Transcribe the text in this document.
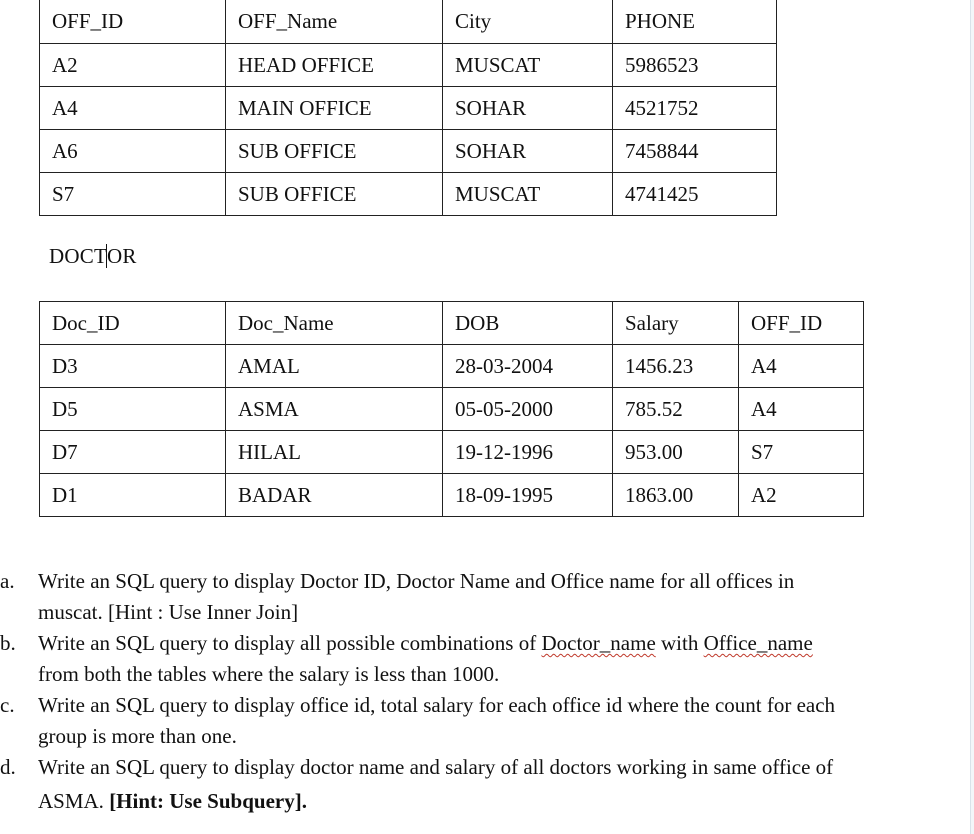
OFF_ID	OFF_Name	City	PHONE
A2	HEAD OFFICE	MUSCAT	5986523
A4	MAIN OFFICE	SOHAR	4521752
A6	SUB OFFICE	SOHAR	7458844
S7	SUB OFFICE	MUSCAT	4741425
DOCTOR
Doc_ID	Doc_Name	DOB	Salary	OFF_ID
D3	AMAL	28-03-2004	1456.23	A4
D5	ASMA	05-05-2000	785.52	A4
D7	HILAL	19-12-1996	953.00	S7
D1	BADAR	18-09-1995	1863.00	A2
a. Write an SQL query to display Doctor ID, Doctor Name and Office name for all offices in
muscat. [Hint : Use Inner Join]
b. Write an SQL query to display all possible combinations of Doctor_name with Office_name
from both the tables where the salary is less than 1000.
c. Write an SQL query to display office id, total salary for each office id where the count for each
group is more than one.
d. Write an SQL query to display doctor name and salary of all doctors working in same office of
ASMA. [Hint: Use Subquery].
